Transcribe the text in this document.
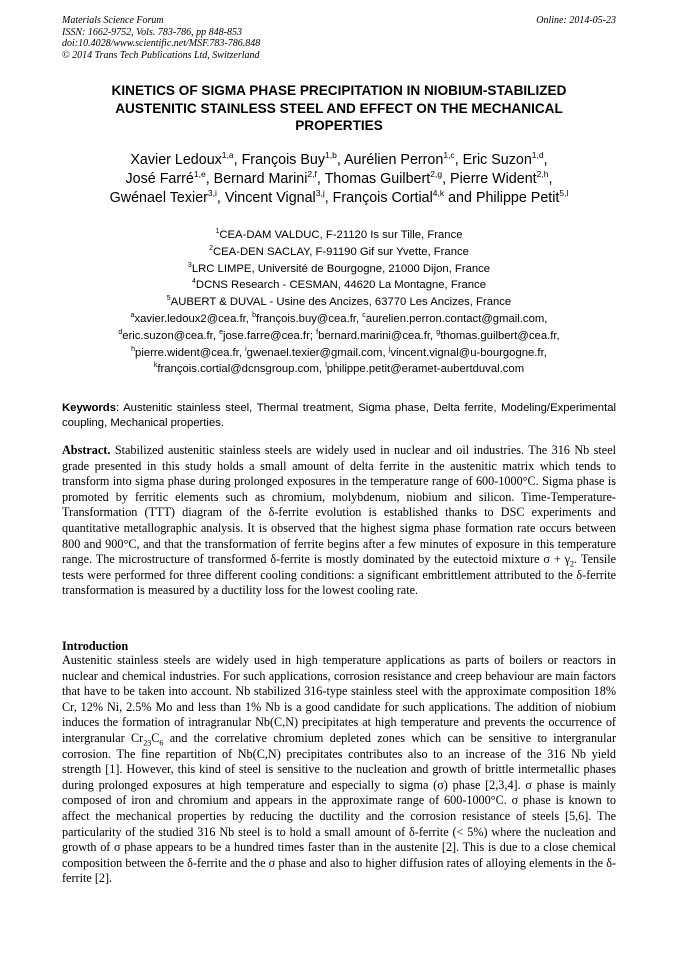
Materials Science Forum
ISSN: 1662-9752, Vols. 783-786, pp 848-853
doi:10.4028/www.scientific.net/MSF.783-786.848
© 2014 Trans Tech Publications Ltd, Switzerland
Online: 2014-05-23
KINETICS OF SIGMA PHASE PRECIPITATION IN NIOBIUM-STABILIZED
AUSTENITIC STAINLESS STEEL AND EFFECT ON THE MECHANICAL
PROPERTIES
Xavier Ledoux$^{1,a}$, François Buy$^{1,b}$, Aurélien Perron$^{1,c}$, Eric Suzon$^{1,d}$,
José Farré$^{1,e}$, Bernard Marini$^{2,f}$, Thomas Guilbert$^{2,g}$, Pierre Wident$^{2,h}$,
Gwénael Texier$^{3,i}$, Vincent Vignal$^{3,j}$, François Cortial$^{4,k}$ and Philippe Petit$^{5,l}$
$^1$CEA-DAM VALDUC, F-21120 Is sur Tille, France
$^2$CEA-DEN SACLAY, F-91190 Gif sur Yvette, France
$^3$LRC LIMPE, Université de Bourgogne, 21000 Dijon, France
$^4$DCNS Research - CESMAN, 44620 La Montagne, France
$^5$AUBERT & DUVAL - Usine des Ancizes, 63770 Les Ancizes, France
$^a$xavier.ledoux2@cea.fr, $^b$françois.buy@cea.fr, $^c$aurelien.perron.contact@gmail.com,
$^d$eric.suzon@cea.fr, $^e$jose.farre@cea.fr; $^f$bernard.marini@cea.fr, $^g$thomas.guilbert@cea.fr,
$^h$pierre.wident@cea.fr, $^i$gwenael.texier@gmail.com, $^j$vincent.vignal@u-bourgogne.fr,
$^k$françois.cortial@dcnsgroup.com, $^l$philippe.petit@eramet-aubertduval.com
Keywords: Austenitic stainless steel, Thermal treatment, Sigma phase, Delta ferrite, Modeling/Experimental coupling, Mechanical properties.
Abstract. Stabilized austenitic stainless steels are widely used in nuclear and oil industries. The 316 Nb steel grade presented in this study holds a small amount of delta ferrite in the austenitic matrix which tends to transform into sigma phase during prolonged exposures in the temperature range of 600-1000°C. Sigma phase is promoted by ferritic elements such as chromium, molybdenum, niobium and silicon. Time-Temperature-Transformation (TTT) diagram of the δ-ferrite evolution is established thanks to DSC experiments and quantitative metallographic analysis. It is observed that the highest sigma phase formation rate occurs between 800 and 900°C, and that the transformation of ferrite begins after a few minutes of exposure in this temperature range. The microstructure of transformed δ-ferrite is mostly dominated by the eutectoid mixture $\sigma + \gamma_2$. Tensile tests were performed for three different cooling conditions: a significant embrittlement attributed to the δ-ferrite transformation is measured by a ductility loss for the lowest cooling rate.
Introduction
Austenitic stainless steels are widely used in high temperature applications as parts of boilers or reactors in nuclear and chemical industries. For such applications, corrosion resistance and creep behaviour are main factors that have to be taken into account. Nb stabilized 316-type stainless steel with the approximate composition 18% Cr, 12% Ni, 2.5% Mo and less than 1% Nb is a good candidate for such applications. The addition of niobium induces the formation of intragranular Nb(C,N) precipitates at high temperature and prevents the occurrence of intergranular $Cr_{23}C_6$ and the correlative chromium depleted zones which can be sensitive to intergranular corrosion. The fine repartition of Nb(C,N) precipitates contributes also to an increase of the 316 Nb yield strength [1]. However, this kind of steel is sensitive to the nucleation and growth of brittle intermetallic phases during prolonged exposures at high temperature and especially to sigma (σ) phase [2,3,4]. σ phase is mainly composed of iron and chromium and appears in the approximate range of 600-1000°C. σ phase is known to affect the mechanical properties by reducing the ductility and the corrosion resistance of steels [5,6]. The particularity of the studied 316 Nb steel is to hold a small amount of δ-ferrite (< 5%) where the nucleation and growth of σ phase appears to be a hundred times faster than in the austenite [2]. This is due to a close chemical composition between the δ-ferrite and the σ phase and also to higher diffusion rates of alloying elements in the δ-ferrite [2].
